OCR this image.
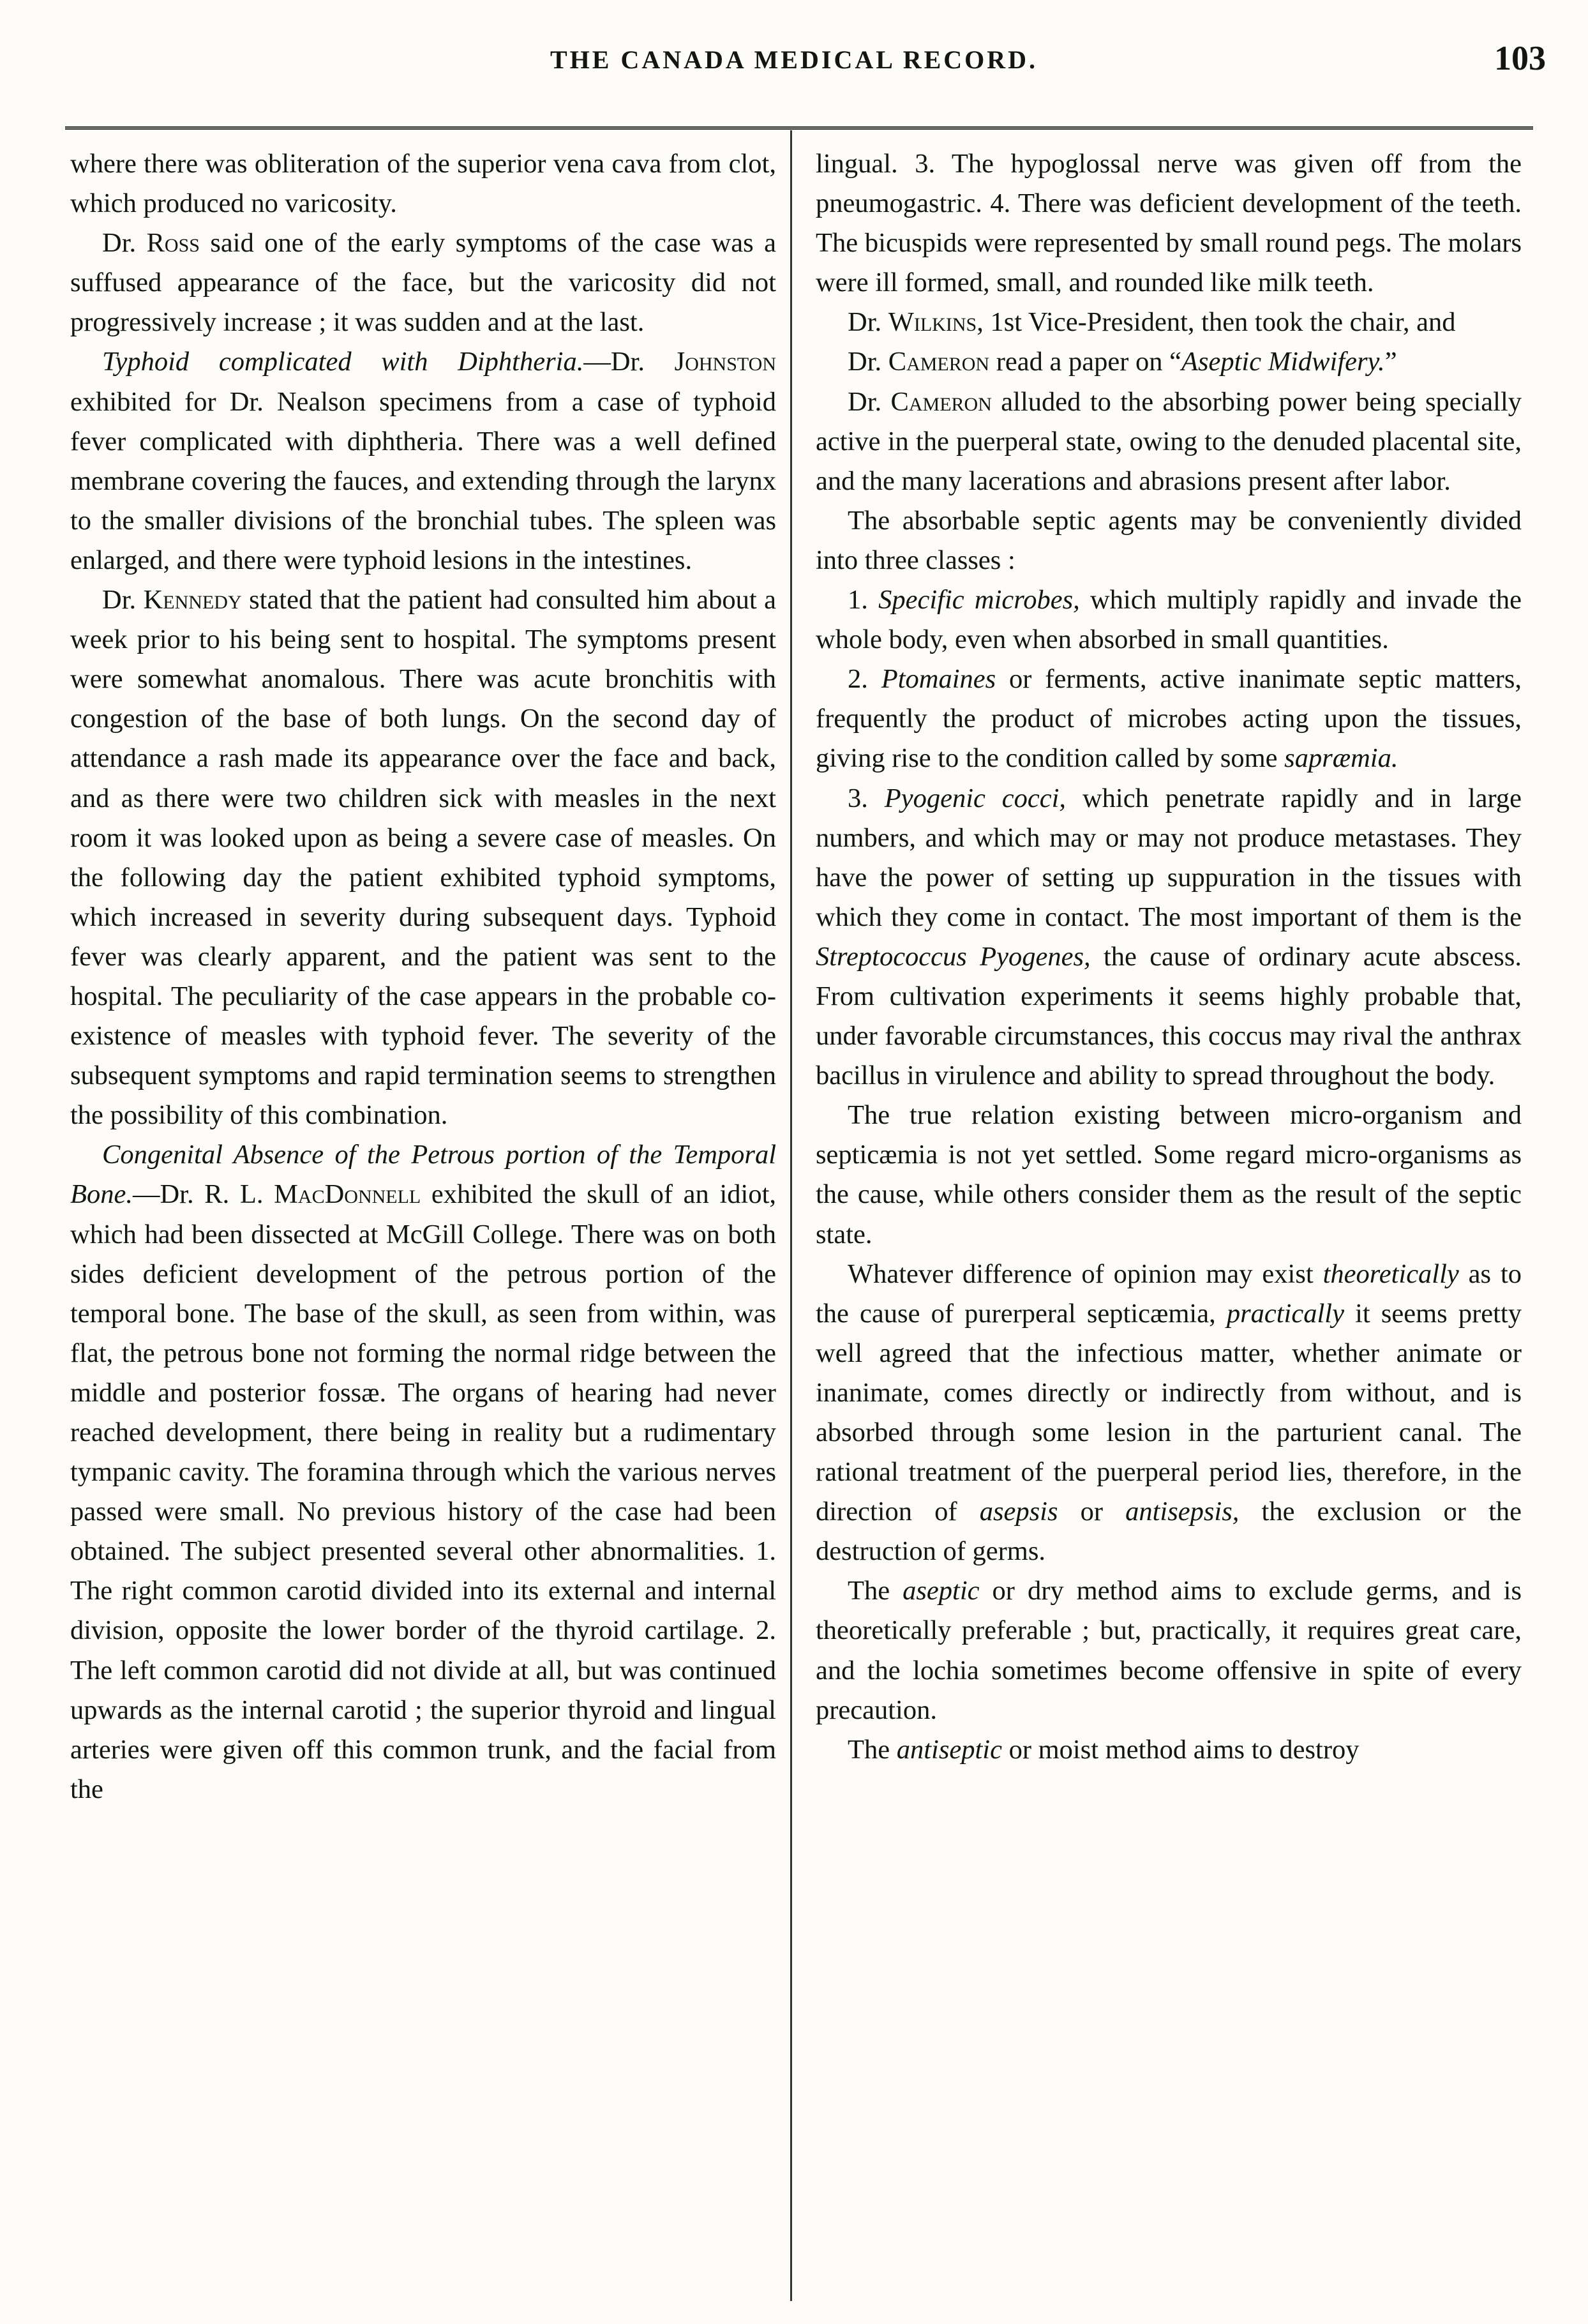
THE CANADA MEDICAL RECORD.	103

where there was obliteration of the superior vena cava from clot, which produced no varicosity.

Dr. Ross said one of the early symptoms of the case was a suffused appearance of the face, but the varicosity did not progressively increase ; it was sudden and at the last.

Typhoid complicated with Diphtheria.—Dr. Johnston exhibited for Dr. Nealson specimens from a case of typhoid fever complicated with diphtheria. There was a well defined membrane covering the fauces, and extending through the larynx to the smaller divisions of the bronchial tubes. The spleen was enlarged, and there were typhoid lesions in the intestines.

Dr. Kennedy stated that the patient had consulted him about a week prior to his being sent to hospital. The symptoms present were somewhat anomalous. There was acute bronchitis with congestion of the base of both lungs. On the second day of attendance a rash made its appearance over the face and back, and as there were two children sick with measles in the next room it was looked upon as being a severe case of measles. On the following day the patient exhibited typhoid symptoms, which increased in severity during subsequent days. Typhoid fever was clearly apparent, and the patient was sent to the hospital. The peculiarity of the case appears in the probable co-existence of measles with typhoid fever. The severity of the subsequent symptoms and rapid termination seems to strengthen the possibility of this combination.

Congenital Absence of the Petrous portion of the Temporal Bone.—Dr. R. L. MacDonnell exhibited the skull of an idiot, which had been dissected at McGill College. There was on both sides deficient development of the petrous portion of the temporal bone. The base of the skull, as seen from within, was flat, the petrous bone not forming the normal ridge between the middle and posterior fossæ. The organs of hearing had never reached development, there being in reality but a rudimentary tympanic cavity. The foramina through which the various nerves passed were small. No previous history of the case had been obtained. The subject presented several other abnormalities. 1. The right common carotid divided into its external and internal division, opposite the lower border of the thyroid cartilage. 2. The left common carotid did not divide at all, but was continued upwards as the internal carotid ; the superior thyroid and lingual arteries were given off this common trunk, and the facial from the

lingual. 3. The hypoglossal nerve was given off from the pneumogastric. 4. There was deficient development of the teeth. The bicuspids were represented by small round pegs. The molars were ill formed, small, and rounded like milk teeth.

Dr. Wilkins, 1st Vice-President, then took the chair, and

Dr. Cameron read a paper on “Aseptic Midwifery.”

Dr. Cameron alluded to the absorbing power being specially active in the puerperal state, owing to the denuded placental site, and the many lacerations and abrasions present after labor.

The absorbable septic agents may be conveniently divided into three classes :

1. Specific microbes, which multiply rapidly and invade the whole body, even when absorbed in small quantities.

2. Ptomaines or ferments, active inanimate septic matters, frequently the product of microbes acting upon the tissues, giving rise to the condition called by some sapræmia.

3. Pyogenic cocci, which penetrate rapidly and in large numbers, and which may or may not produce metastases. They have the power of setting up suppuration in the tissues with which they come in contact. The most important of them is the Streptococcus Pyogenes, the cause of ordinary acute abscess. From cultivation experiments it seems highly probable that, under favorable circumstances, this coccus may rival the anthrax bacillus in virulence and ability to spread throughout the body.

The true relation existing between micro-organism and septicæmia is not yet settled. Some regard micro-organisms as the cause, while others consider them as the result of the septic state.

Whatever difference of opinion may exist theoretically as to the cause of purerperal septicæmia, practically it seems pretty well agreed that the infectious matter, whether animate or inanimate, comes directly or indirectly from without, and is absorbed through some lesion in the parturient canal. The rational treatment of the puerperal period lies, therefore, in the direction of asepsis or antisepsis, the exclusion or the destruction of germs.

The aseptic or dry method aims to exclude germs, and is theoretically preferable ; but, practically, it requires great care, and the lochia sometimes become offensive in spite of every precaution.

The antiseptic or moist method aims to destroy
